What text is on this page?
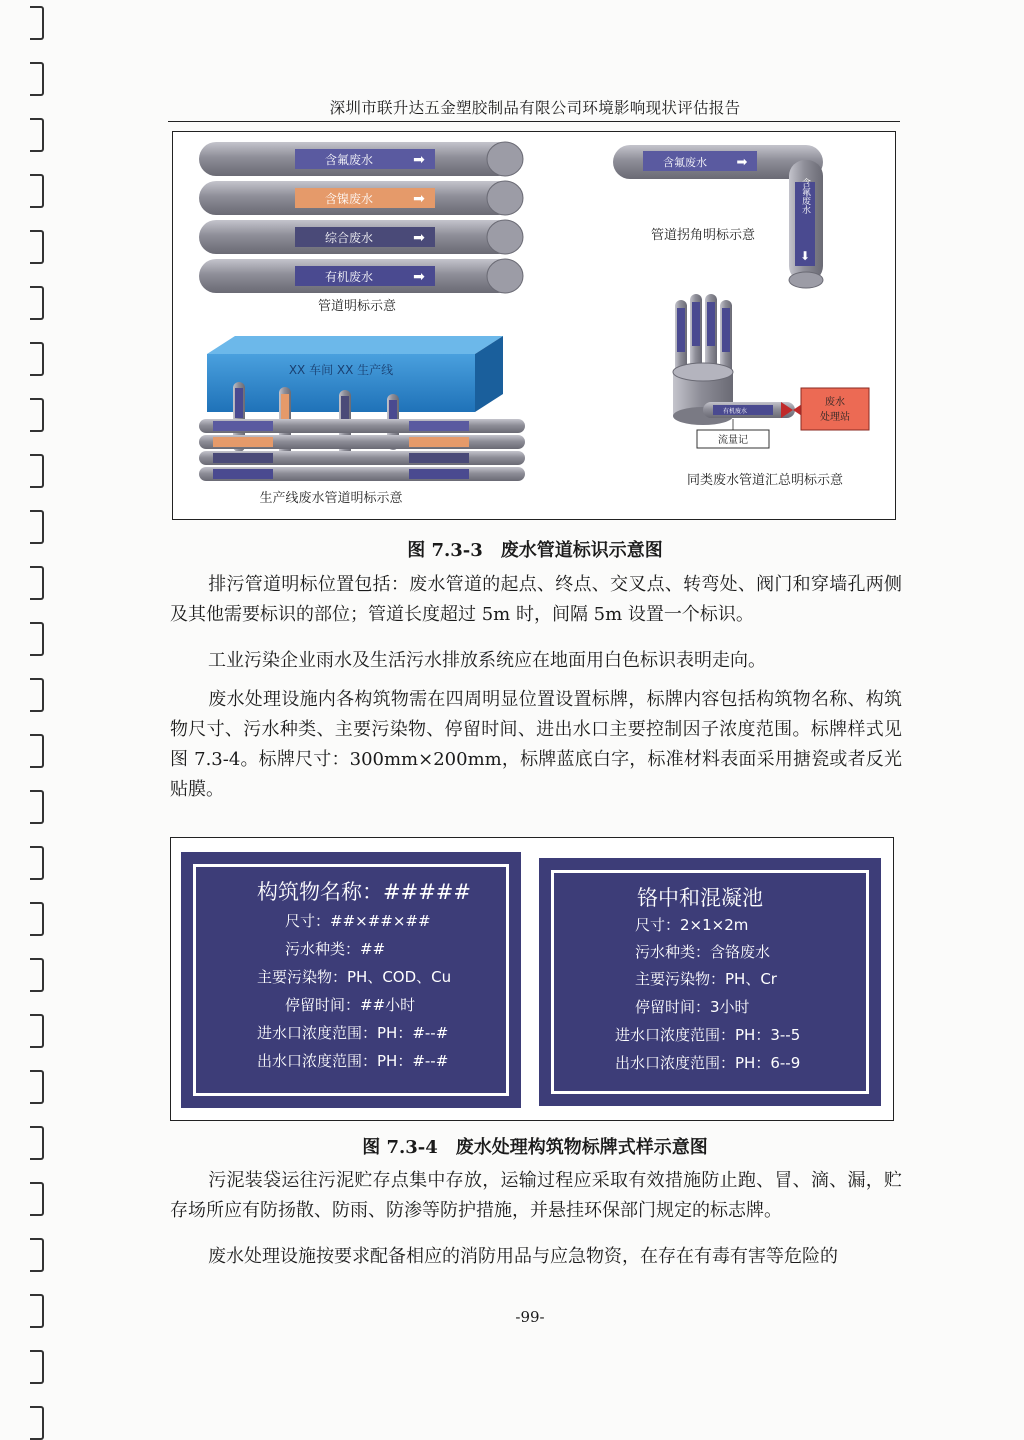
深圳市联升达五金塑胶制品有限公司环境影响现状评估报告
含氟废水	➡
含镍废水	➡
综合废水	➡
有机废水	➡
管道明标示意
含氟废水 ➡
含氟废水
⬇
管道拐角明标示意
XX 车间 XX 生产线
生产线废水管道明标示意
有机废水
废水
处理站
流量记
同类废水管道汇总明标示意
图 7.3-3　废水管道标识示意图
排污管道明标位置包括：废水管道的起点、终点、交叉点、转弯处、阀门和穿墙孔两侧及其他需要标识的部位；管道长度超过 5m 时，间隔 5m 设置一个标识。
工业污染企业雨水及生活污水排放系统应在地面用白色标识表明走向。
废水处理设施内各构筑物需在四周明显位置设置标牌，标牌内容包括构筑物名称、构筑物尺寸、污水种类、主要污染物、停留时间、进出水口主要控制因子浓度范围。标牌样式见图 7.3-4。标牌尺寸：300mm×200mm，标牌蓝底白字，标准材料表面采用搪瓷或者反光贴膜。
构筑物名称：#####
尺寸：##×##×##
污水种类：##
主要污染物：PH、COD、Cu
停留时间：##小时
进水口浓度范围：PH：#--#
出水口浓度范围：PH：#--#
铬中和混凝池
尺寸：2×1×2m
污水种类：含铬废水
主要污染物：PH、Cr
停留时间：3小时
进水口浓度范围：PH：3--5
出水口浓度范围：PH：6--9
图 7.3-4　废水处理构筑物标牌式样示意图
污泥装袋运往污泥贮存点集中存放，运输过程应采取有效措施防止跑、冒、滴、漏，贮存场所应有防扬散、防雨、防渗等防护措施，并悬挂环保部门规定的标志牌。
废水处理设施按要求配备相应的消防用品与应急物资，在存在有毒有害等危险的
-99-
